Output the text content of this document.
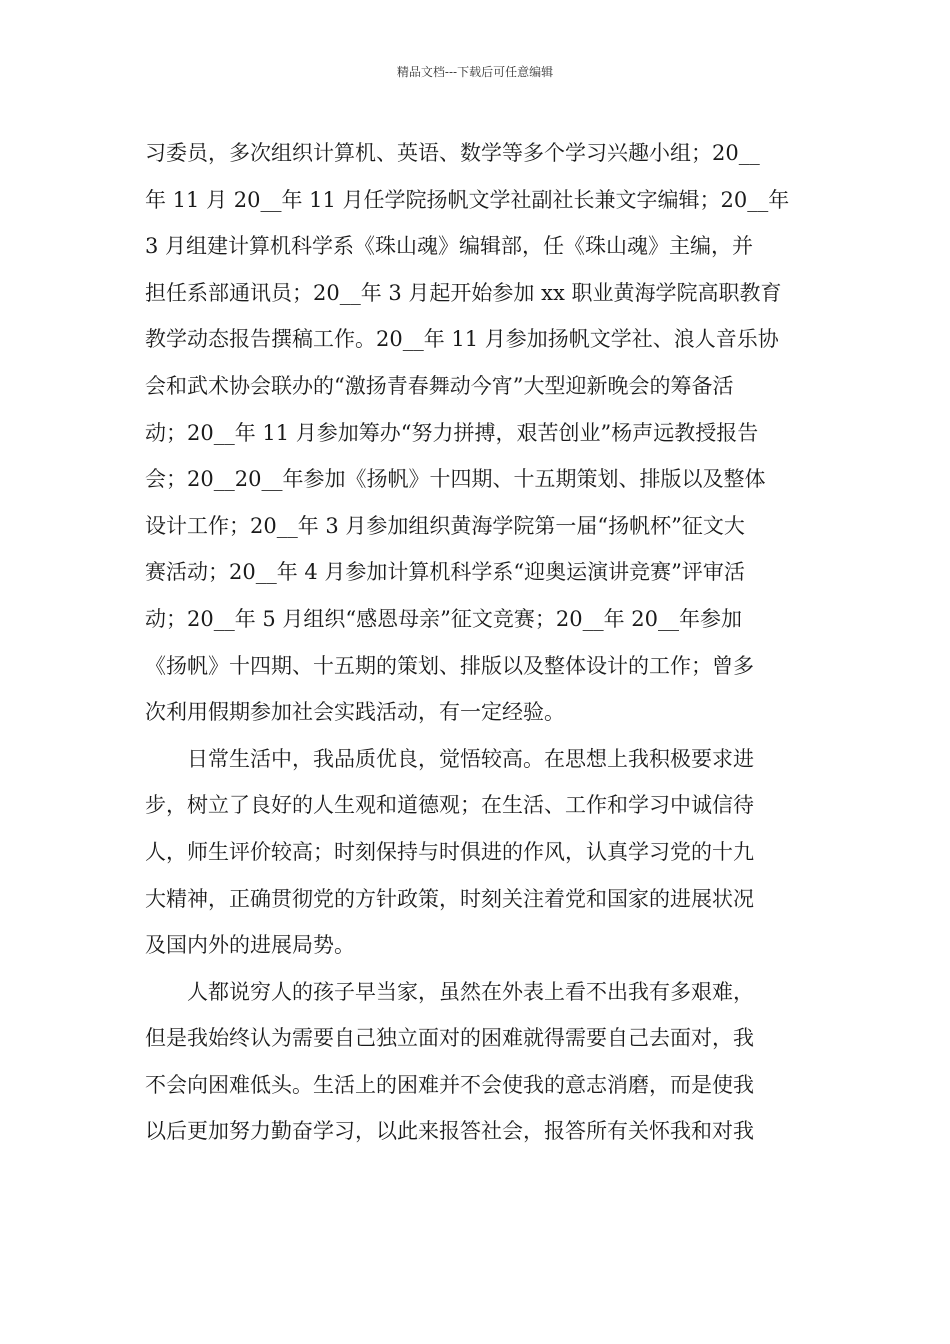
精品文档---下载后可任意编辑
习委员，多次组织计算机、英语、数学等多个学习兴趣小组；20__
年 11 月 20__年 11 月任学院扬帆文学社副社长兼文字编辑；20__年
3 月组建计算机科学系《珠山魂》编辑部，任《珠山魂》主编，并
担任系部通讯员；20__年 3 月起开始参加 xx 职业黄海学院高职教育
教学动态报告撰稿工作。20__年 11 月参加扬帆文学社、浪人音乐协
会和武术协会联办的“激扬青春舞动今宵”大型迎新晚会的筹备活
动；20__年 11 月参加筹办“努力拼搏，艰苦创业”杨声远教授报告
会；20__20__年参加《扬帆》十四期、十五期策划、排版以及整体
设计工作；20__年 3 月参加组织黄海学院第一届“扬帆杯”征文大
赛活动；20__年 4 月参加计算机科学系“迎奥运演讲竞赛”评审活
动；20__年 5 月组织“感恩母亲”征文竞赛；20__年 20__年参加
《扬帆》十四期、十五期的策划、排版以及整体设计的工作；曾多
次利用假期参加社会实践活动，有一定经验。
日常生活中，我品质优良，觉悟较高。在思想上我积极要求进
步，树立了良好的人生观和道德观；在生活、工作和学习中诚信待
人，师生评价较高；时刻保持与时俱进的作风，认真学习党的十九
大精神，正确贯彻党的方针政策，时刻关注着党和国家的进展状况
及国内外的进展局势。
人都说穷人的孩子早当家，虽然在外表上看不出我有多艰难，
但是我始终认为需要自己独立面对的困难就得需要自己去面对，我
不会向困难低头。生活上的困难并不会使我的意志消磨，而是使我
以后更加努力勤奋学习，以此来报答社会，报答所有关怀我和对我
